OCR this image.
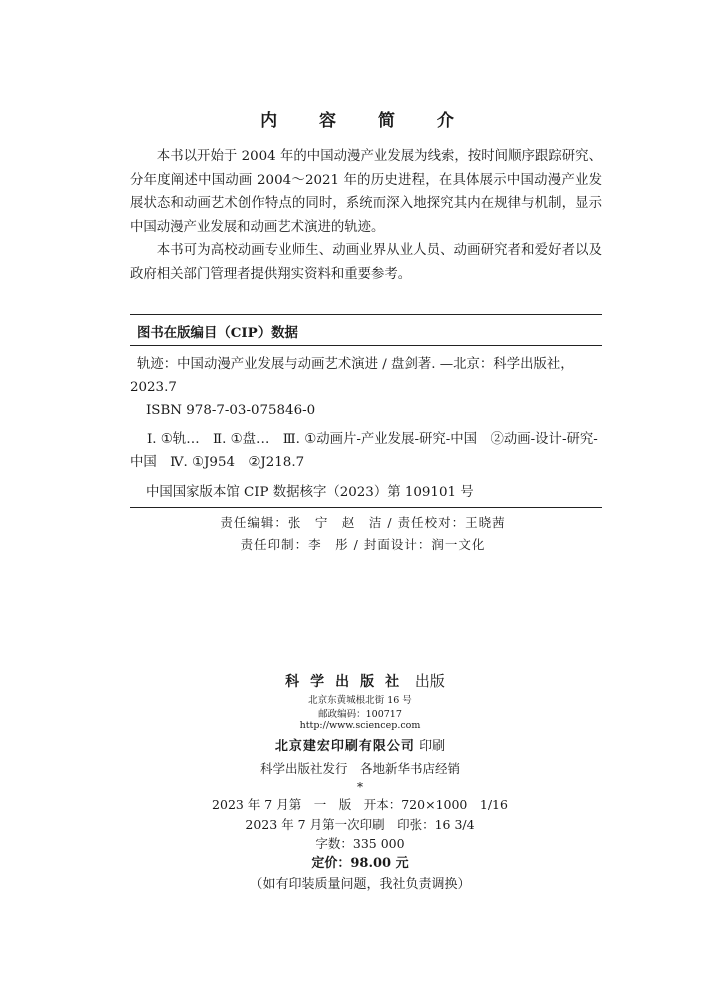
内 容 简 介

本书以开始于 2004 年的中国动漫产业发展为线索，按时间顺序跟踪研究、分年度阐述中国动画 2004～2021 年的历史进程，在具体展示中国动漫产业发展状态和动画艺术创作特点的同时，系统而深入地探究其内在规律与机制，显示中国动漫产业发展和动画艺术演进的轨迹。

本书可为高校动画专业师生、动画业界从业人员、动画研究者和爱好者以及政府相关部门管理者提供翔实资料和重要参考。

图书在版编目（CIP）数据
轨迹：中国动漫产业发展与动画艺术演进 / 盘剑著. —北京：科学出版社，2023.7
ISBN 978-7-03-075846-0
Ⅰ. ①轨…　Ⅱ. ①盘…　Ⅲ. ①动画片-产业发展-研究-中国　②动画-设计-研究-中国　Ⅳ. ①J954　②J218.7
中国国家版本馆 CIP 数据核字（2023）第 109101 号
责任编辑：张　宁　赵　洁 / 责任校对：王晓茜
责任印制：李　彤 / 封面设计：润一文化
科学出版社 出版
北京东黄城根北街 16 号
邮政编码：100717
http://www.sciencep.com
北京建宏印刷有限公司 印刷
科学出版社发行　各地新华书店经销
*
2023 年 7 月第　一　版　开本：720×1000　1/16
2023 年 7 月第一次印刷　印张：16 3/4
字数：335 000
定价：98.00 元
（如有印装质量问题，我社负责调换）
